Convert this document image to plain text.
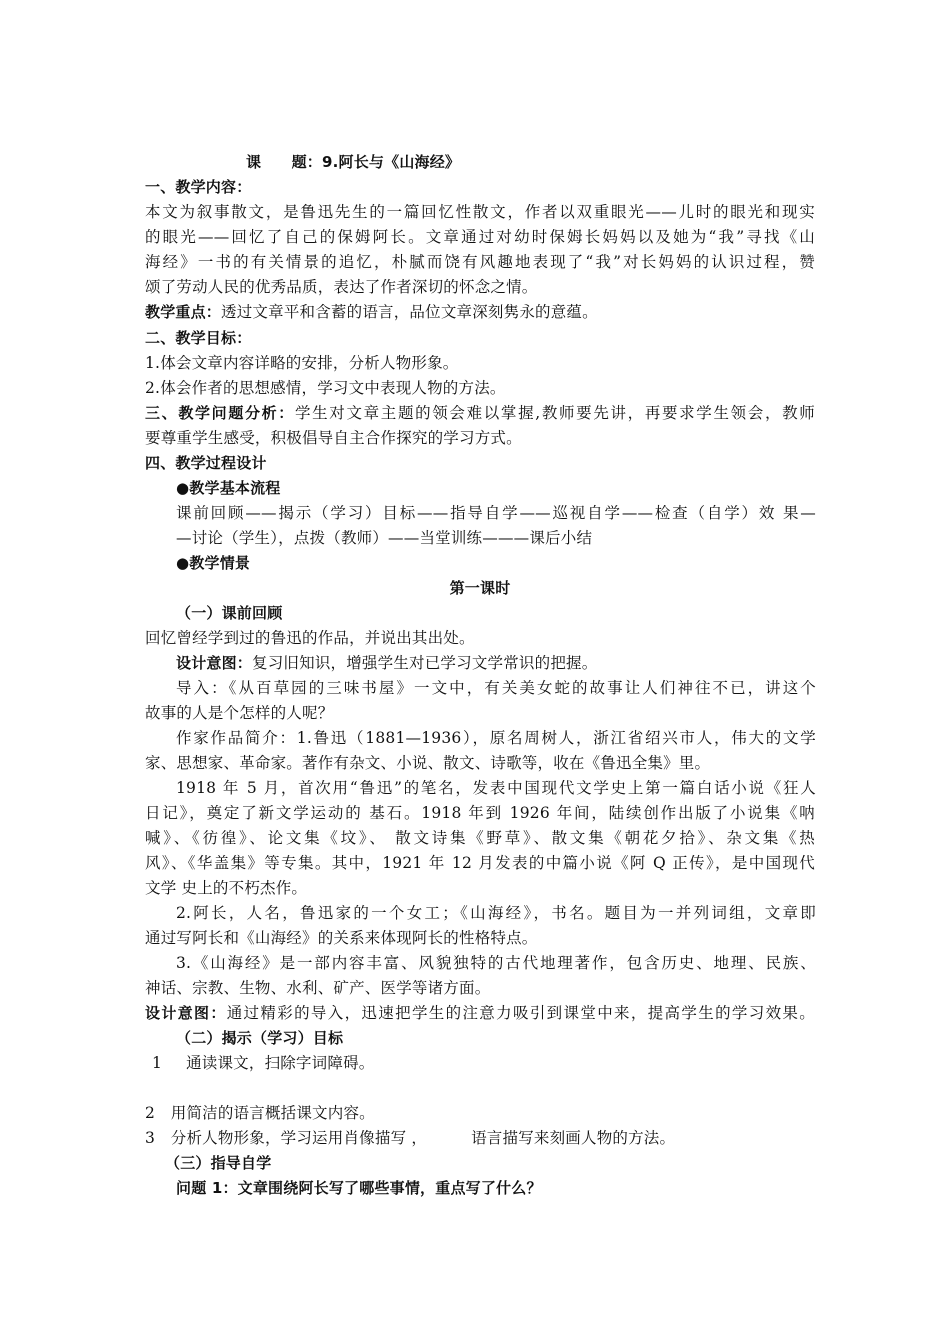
课　　题：9.阿长与《山海经》
一、教学内容：
本文为叙事散文，是鲁迅先生的一篇回忆性散文，作者以双重眼光——儿时的眼光和现实
的眼光——回忆了自己的保姆阿长。文章通过对幼时保姆长妈妈以及她为“我”寻找《山
海经》一书的有关情景的追忆，朴腻而饶有风趣地表现了“我”对长妈妈的认识过程，赞
颂了劳动人民的优秀品质，表达了作者深切的怀念之情。
教学重点：透过文章平和含蓄的语言，品位文章深刻隽永的意蕴。
二、教学目标：
1.体会文章内容详略的安排，分析人物形象。
2.体会作者的思想感情，学习文中表现人物的方法。
三、教学问题分析：学生对文章主题的领会难以掌握,教师要先讲，再要求学生领会，教师
要尊重学生感受，积极倡导自主合作探究的学习方式。
四、教学过程设计
●教学基本流程
课前回顾——揭示（学习）目标——指导自学——巡视自学——检查（自学）效 果—
—讨论（学生），点拨（教师）——当堂训练———课后小结
●教学情景
第一课时
（一）课前回顾
回忆曾经学到过的鲁迅的作品，并说出其出处。
设计意图：复习旧知识，增强学生对已学习文学常识的把握。
导入：《从百草园的三味书屋》一文中，有关美女蛇的故事让人们神往不已，讲这个
故事的人是个怎样的人呢？
作家作品简介：1.鲁迅（1881—1936），原名周树人，浙江省绍兴市人，伟大的文学
家、思想家、革命家。著作有杂文、小说、散文、诗歌等，收在《鲁迅全集》里。
1918 年 5 月，首次用“鲁迅”的笔名，发表中国现代文学史上第一篇白话小说《狂人
日记》，奠定了新文学运动的 基石。1918 年到 1926 年间，陆续创作出版了小说集《呐
喊》、《彷徨》、论文集《坟》、 散文诗集《野草》、散文集《朝花夕拾》、杂文集《热
风》、《华盖集》等专集。其中，1921 年 12 月发表的中篇小说《阿 Q 正传》，是中国现代
文学 史上的不朽杰作。
2.阿长，人名，鲁迅家的一个女工；《山海经》，书名。题目为一并列词组，文章即
通过写阿长和《山海经》的关系来体现阿长的性格特点。
3.《山海经》是一部内容丰富、风貌独特的古代地理著作，包含历史、地理、民族、
神话、宗教、生物、水利、矿产、医学等诸方面。
设计意图：通过精彩的导入，迅速把学生的注意力吸引到课堂中来，提高学生的学习效果。
（二）揭示（学习）目标
1 通读课文，扫除字词障碍。
2　用简洁的语言概括课文内容。
3　分析人物形象，学习运用肖像描写 ，	语言描写来刻画人物的方法。
（三）指导自学
问题 1：文章围绕阿长写了哪些事情，重点写了什么？
